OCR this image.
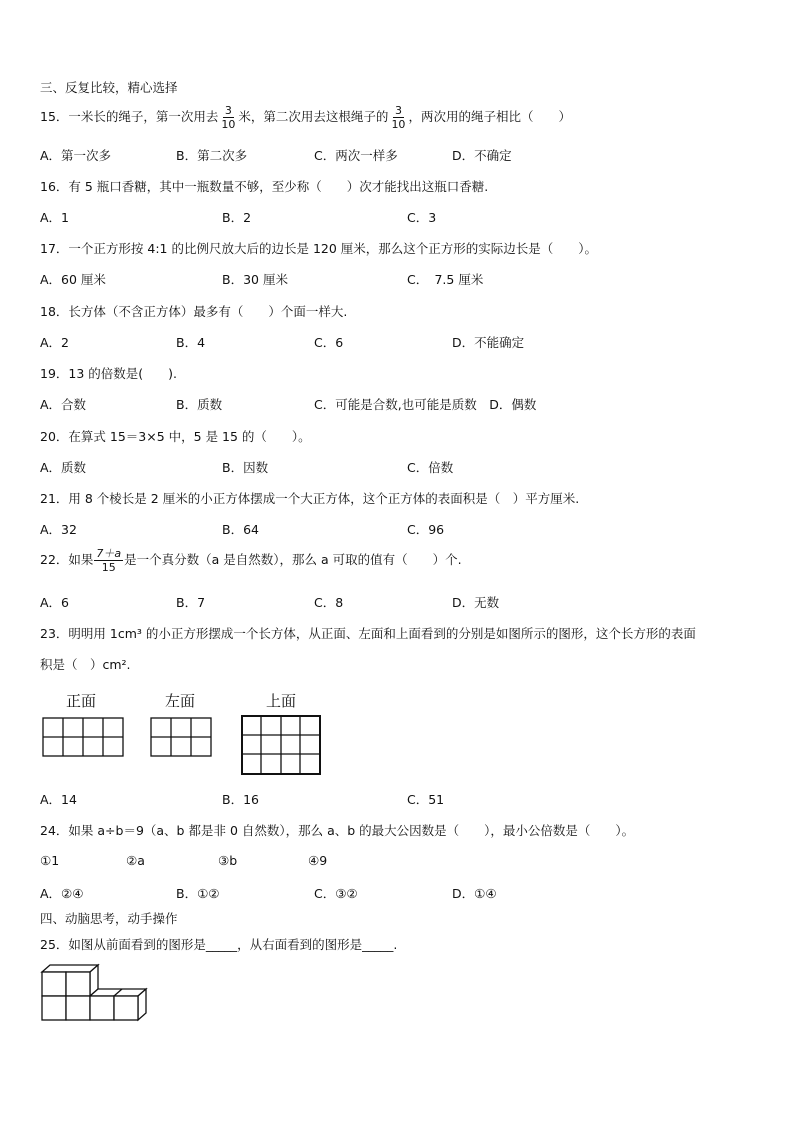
三、反复比较，精心选择
15．一米长的绳子，第一次用去 $\frac{3}{10}$ 米，第二次用去这根绳子的 $\frac{3}{10}$ ，两次用的绳子相比（　　）
A．第一次多	B．第二次多	C．两次一样多	D．不确定
16．有 5 瓶口香糖，其中一瓶数量不够，至少称（　　）次才能找出这瓶口香糖.
A．1	B．2	C．3
17．一个正方形按 4:1 的比例尺放大后的边长是 120 厘米，那么这个正方形的实际边长是（　　）。
A．60 厘米	B．30 厘米	C．　7.5 厘米
18．长方体（不含正方体）最多有（　　）个面一样大.
A．2	B．4	C．6	D．不能确定
19．13 的倍数是(　　).
A．合数	B．质数	C．可能是合数,也可能是质数　D．偶数
20．在算式 15＝3×5 中，5 是 15 的（　　）。
A．质数	B．因数	C．倍数
21．用 8 个棱长是 2 厘米的小正方体摆成一个大正方体，这个正方体的表面积是（　）平方厘米.
A．32	B．64	C．96
22．如果 $\frac{7+a}{15}$ 是一个真分数（a 是自然数），那么 a 可取的值有（　　）个.
A．6	B．7	C．8	D．无数
23．明明用 1cm³ 的小正方形摆成一个长方体，从正面、左面和上面看到的分别是如图所示的图形，这个长方形的表面
积是（　）cm².
正面	左面	上面
A．14	B．16	C．51
24．如果 a÷b＝9（a、b 都是非 0 自然数），那么 a、b 的最大公因数是（　　），最小公倍数是（　　）。
①1	②a	③b	④9
A．②④	B．①②	C．③②	D．①④
四、动脑思考，动手操作
25．如图从前面看到的图形是_____，从右面看到的图形是_____.
